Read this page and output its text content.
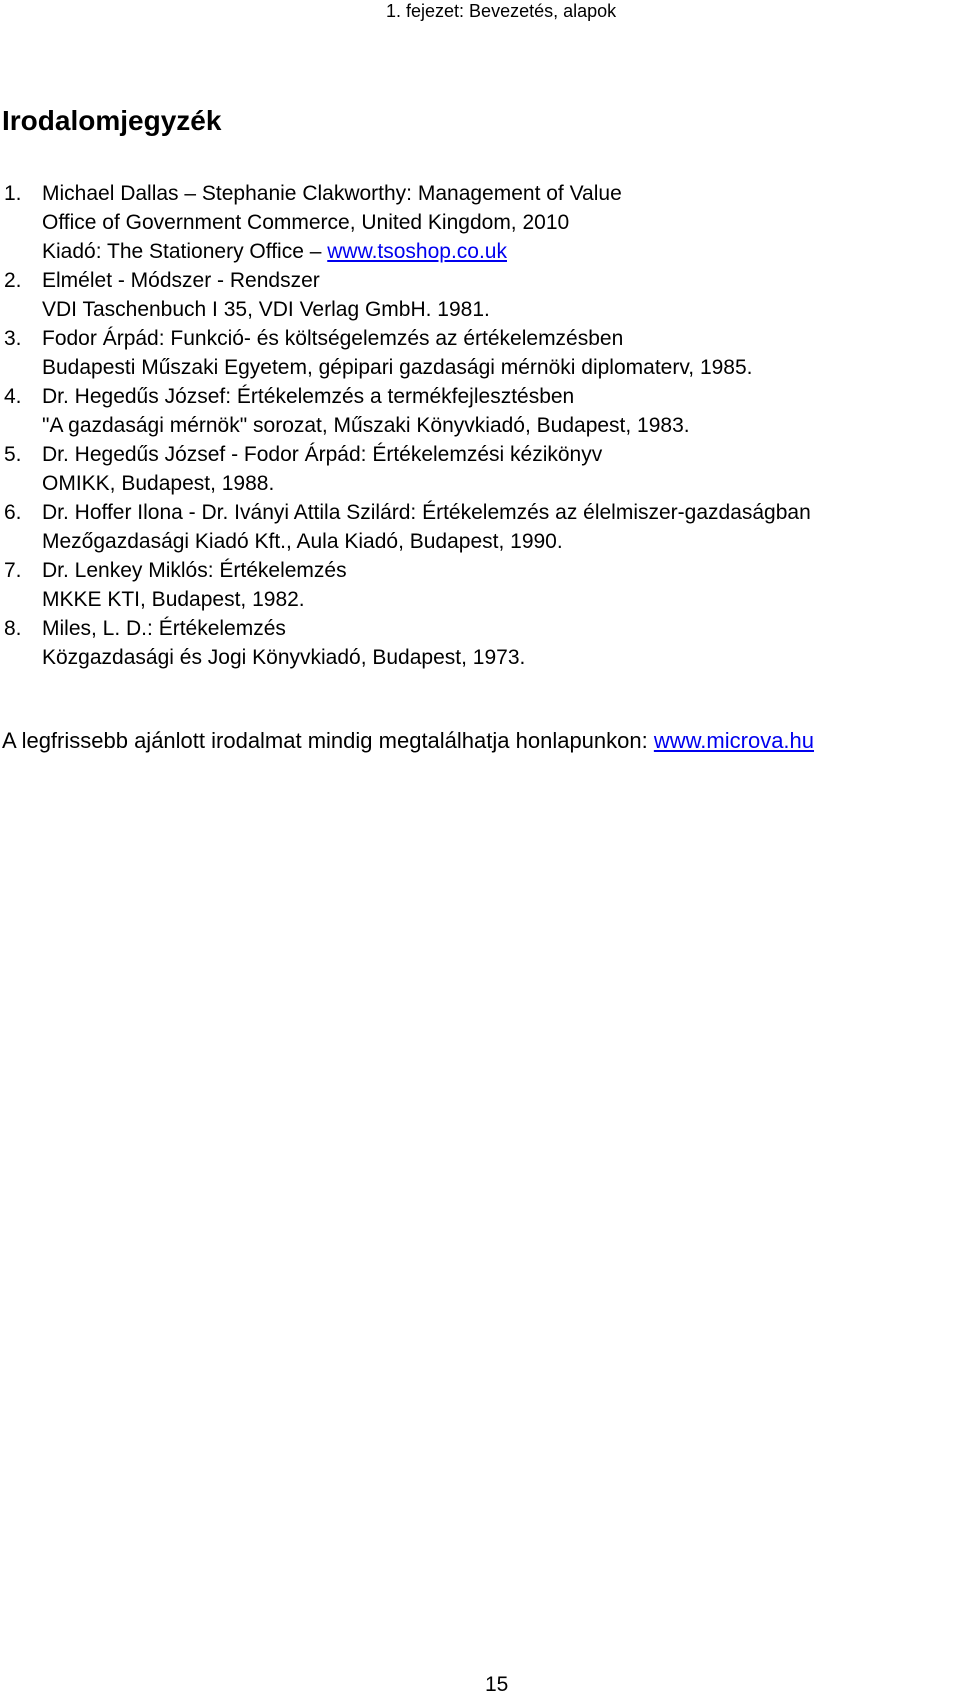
1. fejezet: Bevezetés, alapok
Irodalomjegyzék
1. Michael Dallas – Stephanie Clakworthy: Management of Value
Office of Government Commerce, United Kingdom, 2010
Kiadó: The Stationery Office – www.tsoshop.co.uk
2. Elmélet - Módszer - Rendszer
VDI Taschenbuch I 35, VDI Verlag GmbH. 1981.
3. Fodor Árpád: Funkció- és költségelemzés az értékelemzésben
Budapesti Műszaki Egyetem, gépipari gazdasági mérnöki diplomaterv, 1985.
4. Dr. Hegedűs József: Értékelemzés a termékfejlesztésben
"A gazdasági mérnök" sorozat, Műszaki Könyvkiadó, Budapest, 1983.
5. Dr. Hegedűs József - Fodor Árpád: Értékelemzési kézikönyv
OMIKK, Budapest, 1988.
6. Dr. Hoffer Ilona - Dr. Iványi Attila Szilárd: Értékelemzés az élelmiszer-gazdaságban
Mezőgazdasági Kiadó Kft., Aula Kiadó, Budapest, 1990.
7. Dr. Lenkey Miklós: Értékelemzés
MKKE KTI, Budapest, 1982.
8. Miles, L. D.: Értékelemzés
Közgazdasági és Jogi Könyvkiadó, Budapest, 1973.

A legfrissebb ajánlott irodalmat mindig megtalálhatja honlapunkon: www.microva.hu

15
